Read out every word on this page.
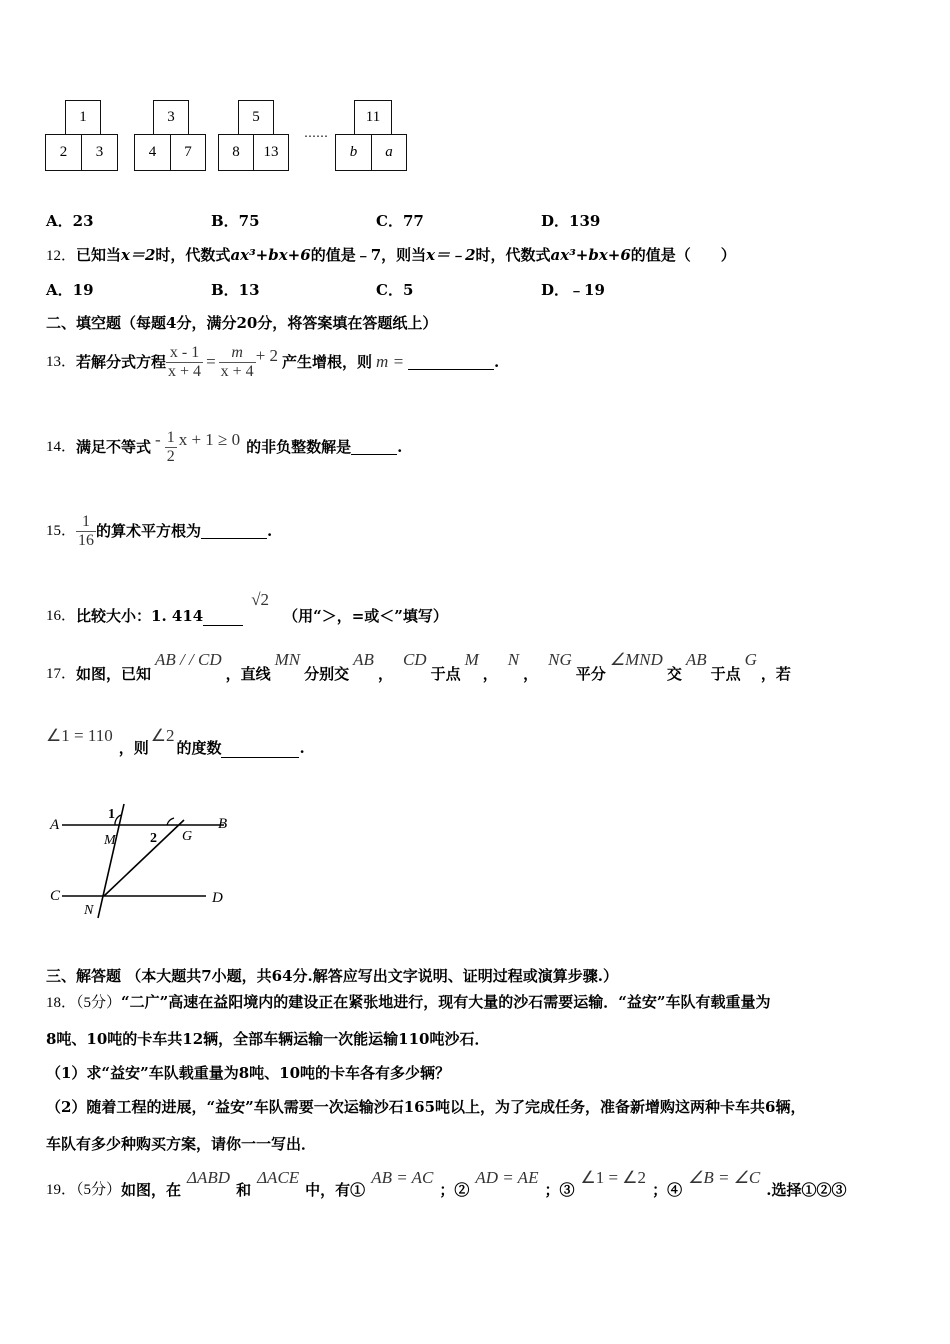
1
2	3
3
4	7
5
8	13
……
11
b	a
A．23	B．75	C．77	D．139
12．已知当x＝2时，代数式ax³+bx+6的值是﹣7，则当x＝﹣2时，代数式ax³+bx+6的值是（　　）
A．19	B．13	C．5	D．﹣19
二、填空题（每题4分，满分20分，将答案填在答题纸上）
13． 若解分式方程 $\frac{x - 1}{x + 4} = \frac{m}{x + 4} + 2$ 产生增根，则 m =	.
14． 满足不等式 - $\frac{1}{2}$ x + 1 ≥ 0 的非负整数解是	.
15． $\frac{1}{16}$ 的算术平方根为	.
16． 比较大小：1. 414
√2
（用“＞，=或＜”填写）
17． 如图，已知
AB / / CD
，直线
MN
分别交
AB
，
CD
于点
M
，
N
，
NG
平分
∠MND
交
AB
于点
G
，若
∠1 = 110
，则
∠2
的度数	.
A	B
C	D
M
N
G
1
2
三、解答题 （本大题共7小题，共64分.解答应写出文字说明、证明过程或演算步骤.）
18．（5分）“二广”高速在益阳境内的建设正在紧张地进行，现有大量的沙石需要运输．“益安”车队有载重量为
8吨、10吨的卡车共12辆，全部车辆运输一次能运输110吨沙石．
（1）求“益安”车队载重量为8吨、10吨的卡车各有多少辆？
（2）随着工程的进展，“益安”车队需要一次运输沙石165吨以上，为了完成任务，准备新增购这两种卡车共6辆，
车队有多少种购买方案，请你一一写出．
19．（5分） 如图，在
ΔABD
和
ΔACE
中，有①
AB = AC
；②
AD = AE
；③
∠1 = ∠2
；④
∠B = ∠C
.选择①②③
